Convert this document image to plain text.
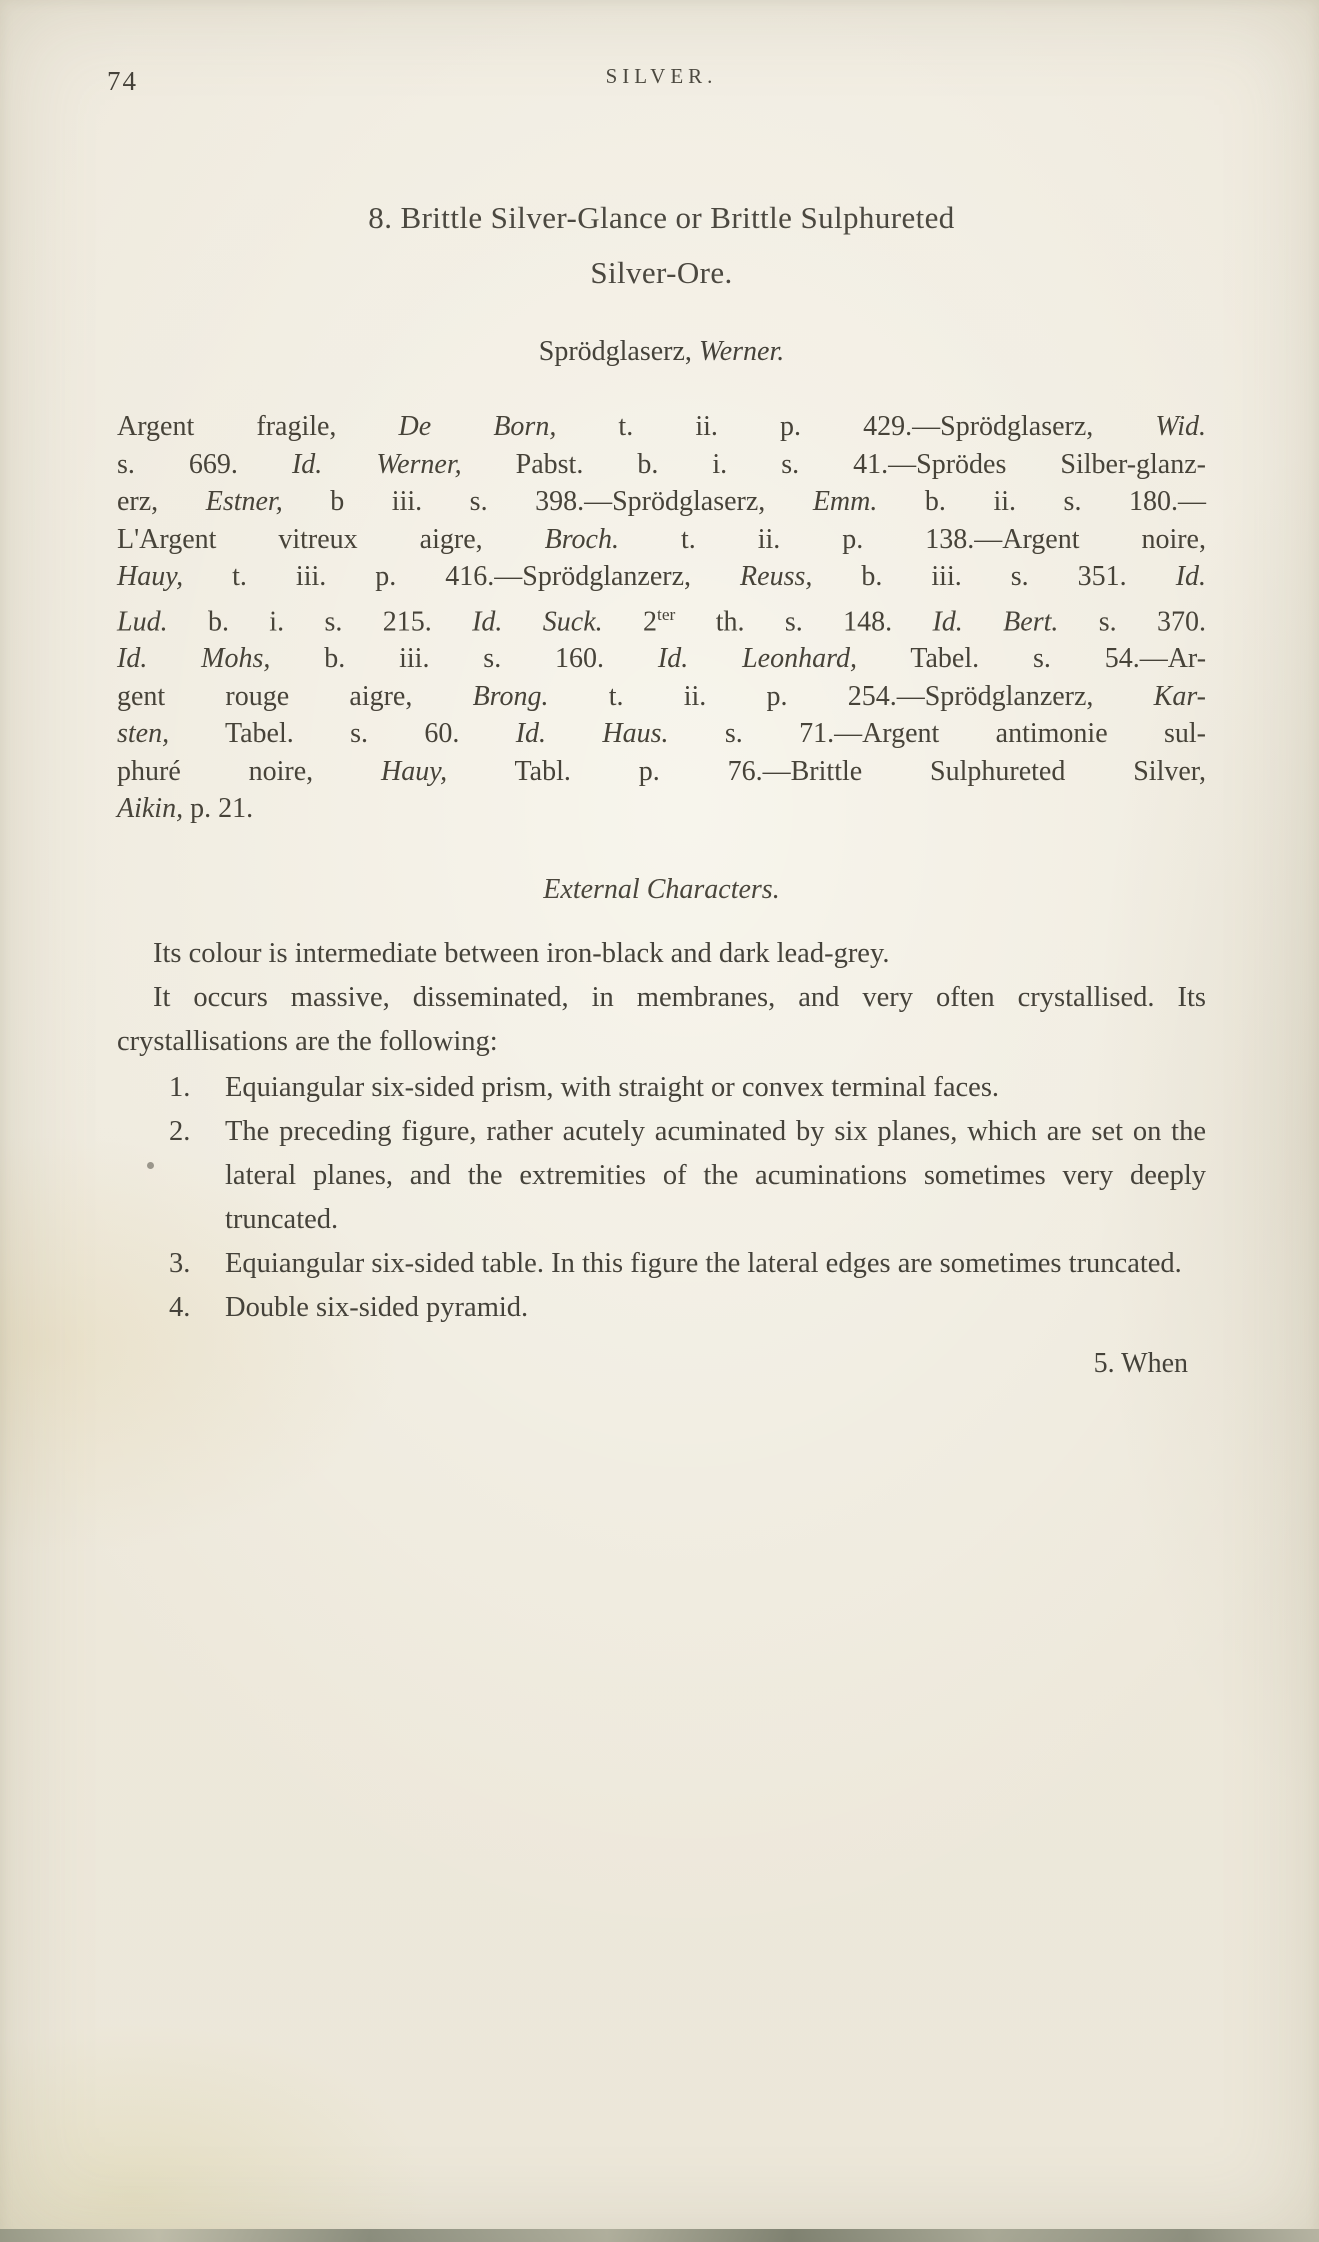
74	SILVER.
8. Brittle Silver-Glance or Brittle Sulphureted
Silver-Ore.
Sprödglaserz, Werner.
Argent fragile, De Born, t. ii. p. 429.—Sprödglaserz, Wid.
s. 669. Id. Werner, Pabst. b. i. s. 41.—Sprödes Silber-glanz-
erz, Estner, b iii. s. 398.—Sprödglaserz, Emm. b. ii. s. 180.—
L'Argent vitreux aigre, Broch. t. ii. p. 138.—Argent noire,
Hauy, t. iii. p. 416.—Sprödglanzerz, Reuss, b. iii. s. 351. Id.
Lud. b. i. s. 215. Id. Suck. $2^{ter}$ th. s. 148. Id. Bert. s. 370.
Id. Mohs, b. iii. s. 160. Id. Leonhard, Tabel. s. 54.—Ar-
gent rouge aigre, Brong. t. ii. p. 254.—Sprödglanzerz, Kar-
sten, Tabel. s. 60. Id. Haus. s. 71.—Argent antimonie sul-
phuré noire, Hauy, Tabl. p. 76.—Brittle Sulphureted Silver,
Aikin, p. 21.
External Characters.

Its colour is intermediate between iron-black and dark lead-grey.

It occurs massive, disseminated, in membranes, and very often crystallised. Its crystallisations are the following:

1. Equiangular six-sided prism, with straight or convex terminal faces.
2. The preceding figure, rather acutely acuminated by six planes, which are set on the lateral planes, and the extremities of the acuminations sometimes very deeply truncated.
3. Equiangular six-sided table. In this figure the lateral edges are sometimes truncated.
4. Double six-sided pyramid.
5. When
